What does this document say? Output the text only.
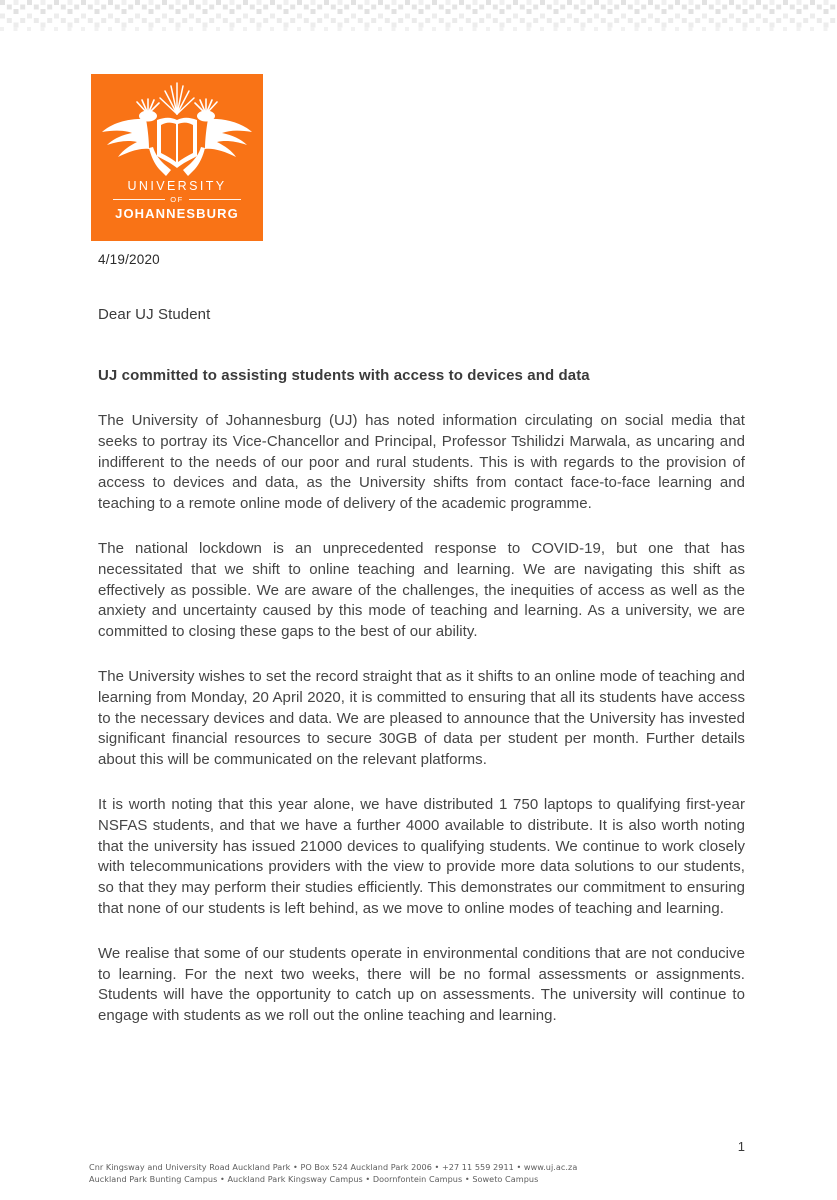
UNIVERSITY
OF
JOHANNESBURG
4/19/2020
Dear UJ Student
UJ committed to assisting students with access to devices and data

The University of Johannesburg (UJ) has noted information circulating on social media that seeks to portray its Vice-Chancellor and Principal, Professor Tshilidzi Marwala, as uncaring and indifferent to the needs of our poor and rural students. This is with regards to the provision of access to devices and data, as the University shifts from contact face-to-face learning and teaching to a remote online mode of delivery of the academic programme.

The national lockdown is an unprecedented response to COVID-19, but one that has necessitated that we shift to online teaching and learning. We are navigating this shift as effectively as possible. We are aware of the challenges, the inequities of access as well as the anxiety and uncertainty caused by this mode of teaching and learning. As a university, we are committed to closing these gaps to the best of our ability.

The University wishes to set the record straight that as it shifts to an online mode of teaching and learning from Monday, 20 April 2020, it is committed to ensuring that all its students have access to the necessary devices and data. We are pleased to announce that the University has invested significant financial resources to secure 30GB of data per student per month. Further details about this will be communicated on the relevant platforms.

It is worth noting that this year alone, we have distributed 1 750 laptops to qualifying first-year NSFAS students, and that we have a further 4000 available to distribute. It is also worth noting that the university has issued 21000 devices to qualifying students. We continue to work closely with telecommunications providers with the view to provide more data solutions to our students, so that they may perform their studies efficiently. This demonstrates our commitment to ensuring that none of our students is left behind, as we move to online modes of teaching and learning.

We realise that some of our students operate in environmental conditions that are not conducive to learning. For the next two weeks, there will be no formal assessments or assignments. Students will have the opportunity to catch up on assessments. The university will continue to engage with students as we roll out the online teaching and learning.

1
Cnr Kingsway and University Road Auckland Park • PO Box 524 Auckland Park 2006 • +27 11 559 2911 • www.uj.ac.za
Auckland Park Bunting Campus • Auckland Park Kingsway Campus • Doornfontein Campus • Soweto Campus
